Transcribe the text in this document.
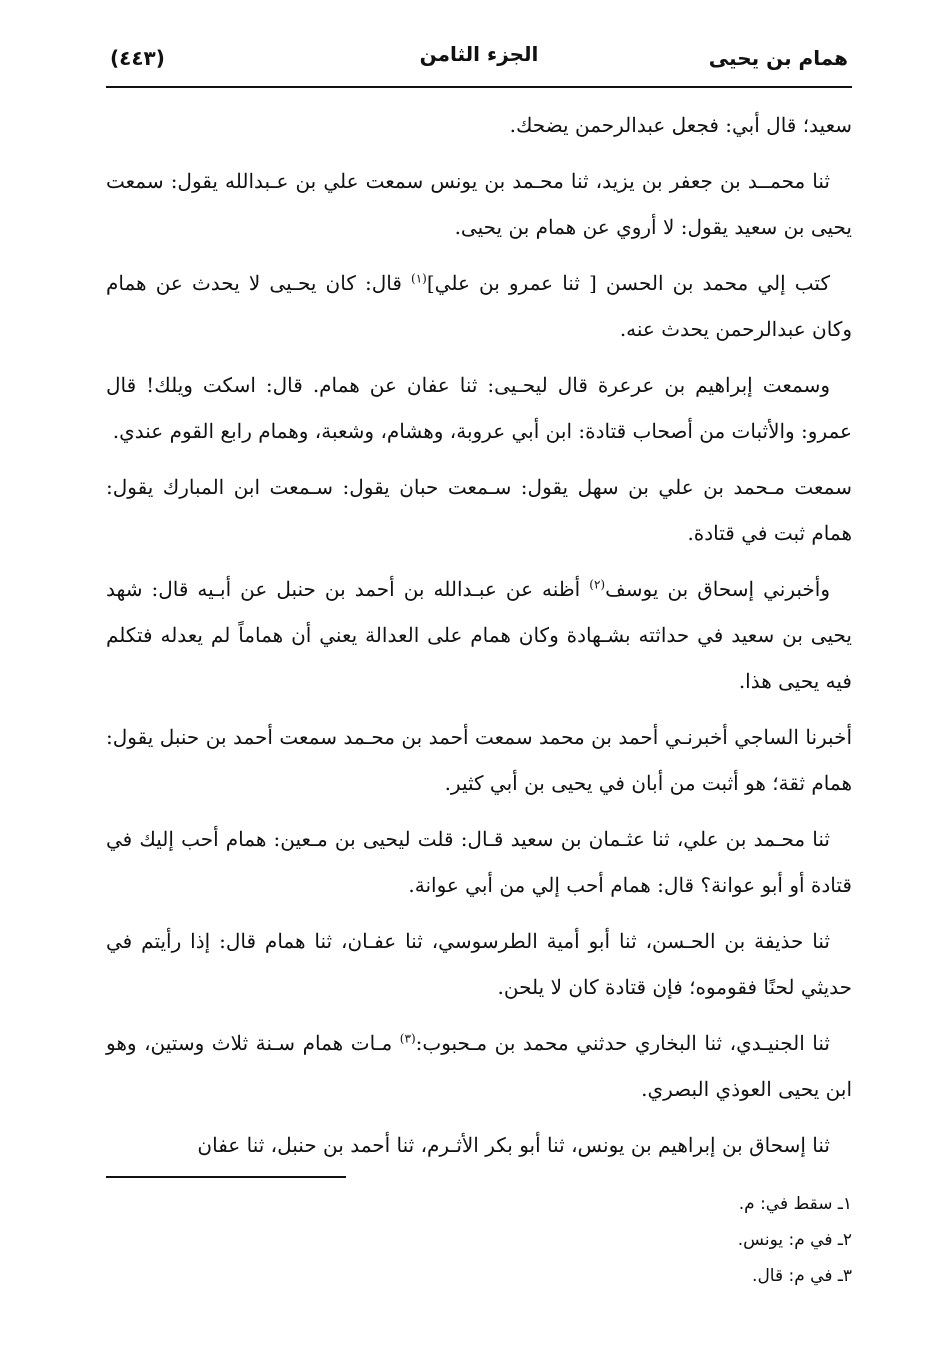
همام بن يحيى
الجزء الثامن
(٤٤٣)

سعيد؛ قال أبي: فجعل عبدالرحمن يضحك.

ثنا محمــد بن جعفر بن يزيد، ثنا محـمد بن يونس سمعت علي بن عـبدالله يقول: سمعت يحيى بن سعيد يقول: لا أروي عن همام بن يحيى.

كتب إلي محمد بن الحسن [ ثنا عمرو بن علي]$^{(١)}$ قال: كان يحـيى لا يحدث عن همام وكان عبدالرحمن يحدث عنه.

وسمعت إبراهيم بن عرعرة قال ليحـيى: ثنا عفان عن همام. قال: اسكت ويلك! قال عمرو: والأثبات من أصحاب قتادة: ابن أبي عروبة، وهشام، وشعبة، وهمام رابع القوم عندي.

سمعت مـحمد بن علي بن سهل يقول: سـمعت حبان يقول: سـمعت ابن المبارك يقول: همام ثبت في قتادة.

وأخبرني إسحاق بن يوسف$^{(٢)}$ أظنه عن عبـدالله بن أحمد بن حنبل عن أبـيه قال: شهد يحيى بن سعيد في حداثته بشـهادة وكان همام على العدالة يعني أن هماماً لم يعدله فتكلم فيه يحيى هذا.

أخبرنا الساجي أخبرنـي أحمد بن محمد سمعت أحمد بن محـمد سمعت أحمد بن حنبل يقول: همام ثقة؛ هو أثبت من أبان في يحيى بن أبي كثير.

ثنا محـمد بن علي، ثنا عثـمان بن سعيد قـال: قلت ليحيى بن مـعين: همام أحب إليك في قتادة أو أبو عوانة؟ قال: همام أحب إلي من أبي عوانة.

ثنا حذيفة بن الحـسن، ثنا أبو أمية الطرسوسي، ثنا عفـان، ثنا همام قال: إذا رأيتم في حديثي لحنًا فقوموه؛ فإن قتادة كان لا يلحن.

ثنا الجنيـدي، ثنا البخاري حدثني محمد بن مـحبوب:$^{(٣)}$ مـات همام سـنة ثلاث وستين، وهو ابن يحيى العوذي البصري.

ثنا إسحاق بن إبراهيم بن يونس، ثنا أبو بكر الأثـرم، ثنا أحمد بن حنبل، ثنا عفان

١ـ سقط في: م.
٢ـ في م: يونس.
٣ـ في م: قال.
